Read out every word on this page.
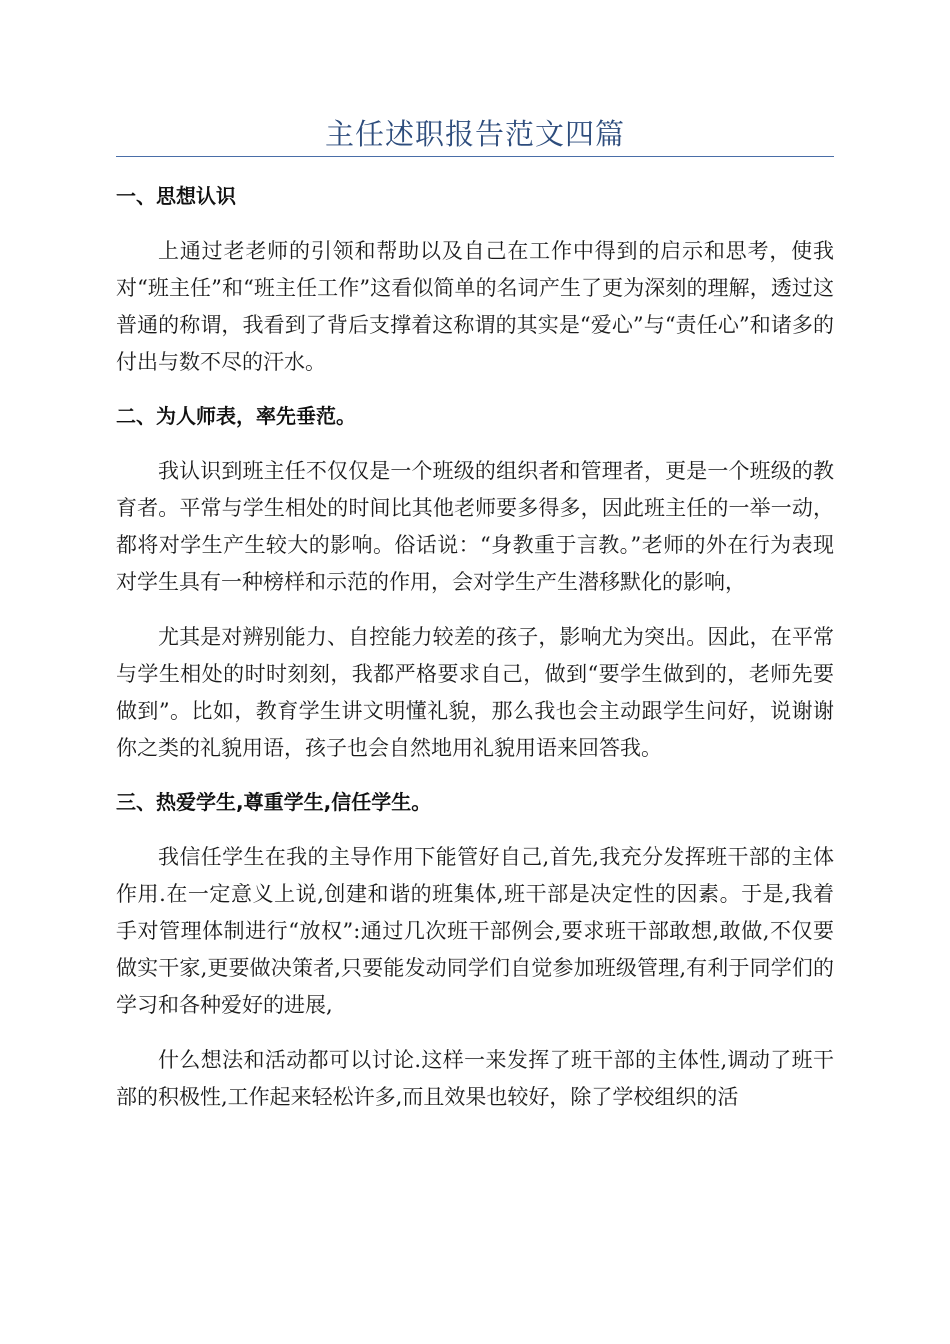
主任述职报告范文四篇
一、思想认识

上通过老老师的引领和帮助以及自己在工作中得到的启示和思考，使我对“班主任”和“班主任工作”这看似简单的名词产生了更为深刻的理解，透过这普通的称谓，我看到了背后支撑着这称谓的其实是“爱心”与“责任心”和诸多的付出与数不尽的汗水。

二、为人师表，率先垂范。

我认识到班主任不仅仅是一个班级的组织者和管理者，更是一个班级的教育者。平常与学生相处的时间比其他老师要多得多，因此班主任的一举一动，都将对学生产生较大的影响。俗话说：“身教重于言教。”老师的外在行为表现对学生具有一种榜样和示范的作用，会对学生产生潜移默化的影响，

尤其是对辨别能力、自控能力较差的孩子，影响尤为突出。因此，在平常与学生相处的时时刻刻，我都严格要求自己，做到“要学生做到的，老师先要做到”。比如，教育学生讲文明懂礼貌，那么我也会主动跟学生问好，说谢谢你之类的礼貌用语，孩子也会自然地用礼貌用语来回答我。

三、热爱学生,尊重学生,信任学生。

我信任学生在我的主导作用下能管好自己,首先,我充分发挥班干部的主体作用.在一定意义上说,创建和谐的班集体,班干部是决定性的因素。于是,我着手对管理体制进行“放权”:通过几次班干部例会,要求班干部敢想,敢做,不仅要做实干家,更要做决策者,只要能发动同学们自觉参加班级管理,有利于同学们的学习和各种爱好的进展,

什么想法和活动都可以讨论.这样一来发挥了班干部的主体性,调动了班干部的积极性,工作起来轻松许多,而且效果也较好，除了学校组织的活
